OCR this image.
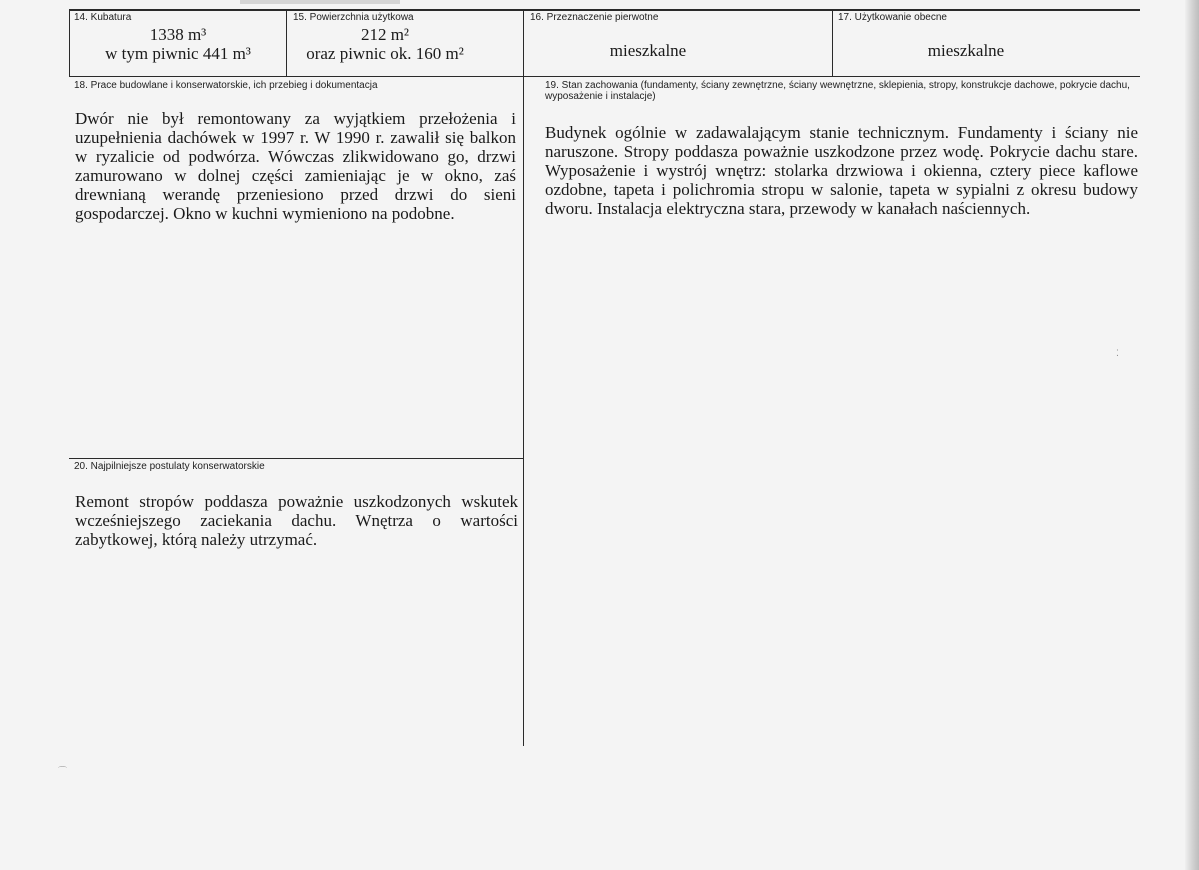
14. Kubatura
1338 m³
w tym piwnic 441 m³
15. Powierzchnia użytkowa
212 m²
oraz piwnic ok. 160 m²
16. Przeznaczenie pierwotne
mieszkalne
17. Użytkowanie obecne
mieszkalne
18. Prace budowlane i konserwatorskie, ich przebieg i dokumentacja
Dwór nie był remontowany za wyjątkiem przełożenia i uzupełnienia dachówek w 1997 r. W 1990 r. zawalił się balkon w ryzalicie od podwórza. Wówczas zlikwidowano go, drzwi zamurowano w dolnej części zamieniając je w okno, zaś drewnianą werandę przeniesiono przed drzwi do sieni gospodarczej. Okno w kuchni wymieniono na podobne.
19. Stan zachowania (fundamenty, ściany zewnętrzne, ściany wewnętrzne, sklepienia, stropy, konstrukcje dachowe, pokrycie dachu, wyposażenie i instalacje)
Budynek ogólnie w zadawalającym stanie technicznym. Fundamenty i ściany nie naruszone. Stropy poddasza poważnie uszkodzone przez wodę. Pokrycie dachu stare. Wyposażenie i wystrój wnętrz: stolarka drzwiowa i okienna, cztery piece kaflowe ozdobne, tapeta i polichromia stropu w salonie, tapeta w sypialni z okresu budowy dworu. Instalacja elektryczna stara, przewody w kanałach naściennych.
20. Najpilniejsze postulaty konserwatorskie
Remont stropów poddasza poważnie uszkodzonych wskutek wcześniejszego zaciekania dachu. Wnętrza o wartości zabytkowej, którą należy utrzymać.
⌒
⁚
